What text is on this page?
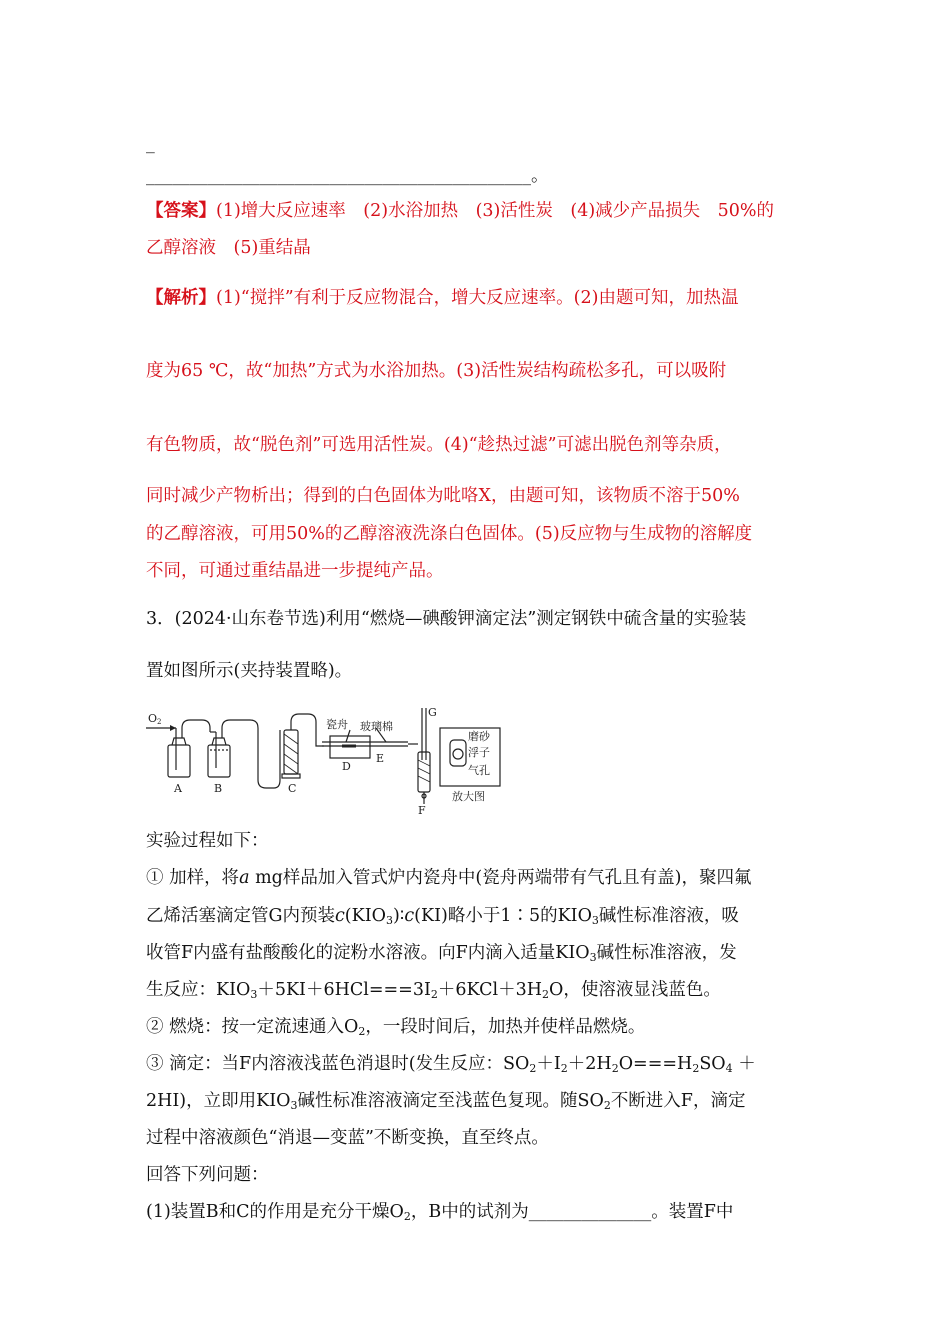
_
____________________________________________。
【答案】(1)增大反应速率　(2)水浴加热　(3)活性炭　(4)减少产品损失　50%的
乙醇溶液　(5)重结晶
【解析】(1)“搅拌”有利于反应物混合，增大反应速率。(2)由题可知，加热温
度为65 ℃，故“加热”方式为水浴加热。(3)活性炭结构疏松多孔，可以吸附
有色物质，故“脱色剂”可选用活性炭。(4)“趁热过滤”可滤出脱色剂等杂质，
同时减少产物析出；得到的白色固体为吡咯X，由题可知，该物质不溶于50%
的乙醇溶液，可用50%的乙醇溶液洗涤白色固体。(5)反应物与生成物的溶解度
不同，可通过重结晶进一步提纯产品。
3．(2024·山东卷节选)利用“燃烧—碘酸钾滴定法”测定钢铁中硫含量的实验装
置如图所示(夹持装置略)。
O2
A	B	C
D
E
F
G
瓷舟 玻璃棉
磨砂
浮子
气孔
放大图
实验过程如下：
① 加样，将a mg样品加入管式炉内瓷舟中(瓷舟两端带有气孔且有盖)，聚四氟
乙烯活塞滴定管G内预装$c(KIO_3)∶c(KI)$略小于1∶5的$KIO_3$碱性标准溶液，吸
收管F内盛有盐酸酸化的淀粉水溶液。向F内滴入适量$KIO_3$碱性标准溶液，发
生反应：$KIO_3+5KI+6HCl===3I_2+6KCl+3H_2O$，使溶液显浅蓝色。
② 燃烧：按一定流速通入$O_2$，一段时间后，加热并使样品燃烧。
③ 滴定：当F内溶液浅蓝色消退时(发生反应：$SO_2+I_2+2H_2O===H_2SO_4$ ＋
2HI)，立即用$KIO_3$碱性标准溶液滴定至浅蓝色复现。随$SO_2$不断进入F，滴定
过程中溶液颜色“消退—变蓝”不断变换，直至终点。
回答下列问题：
(1)装置B和C的作用是充分干燥$O_2$，B中的试剂为______________。装置F中
